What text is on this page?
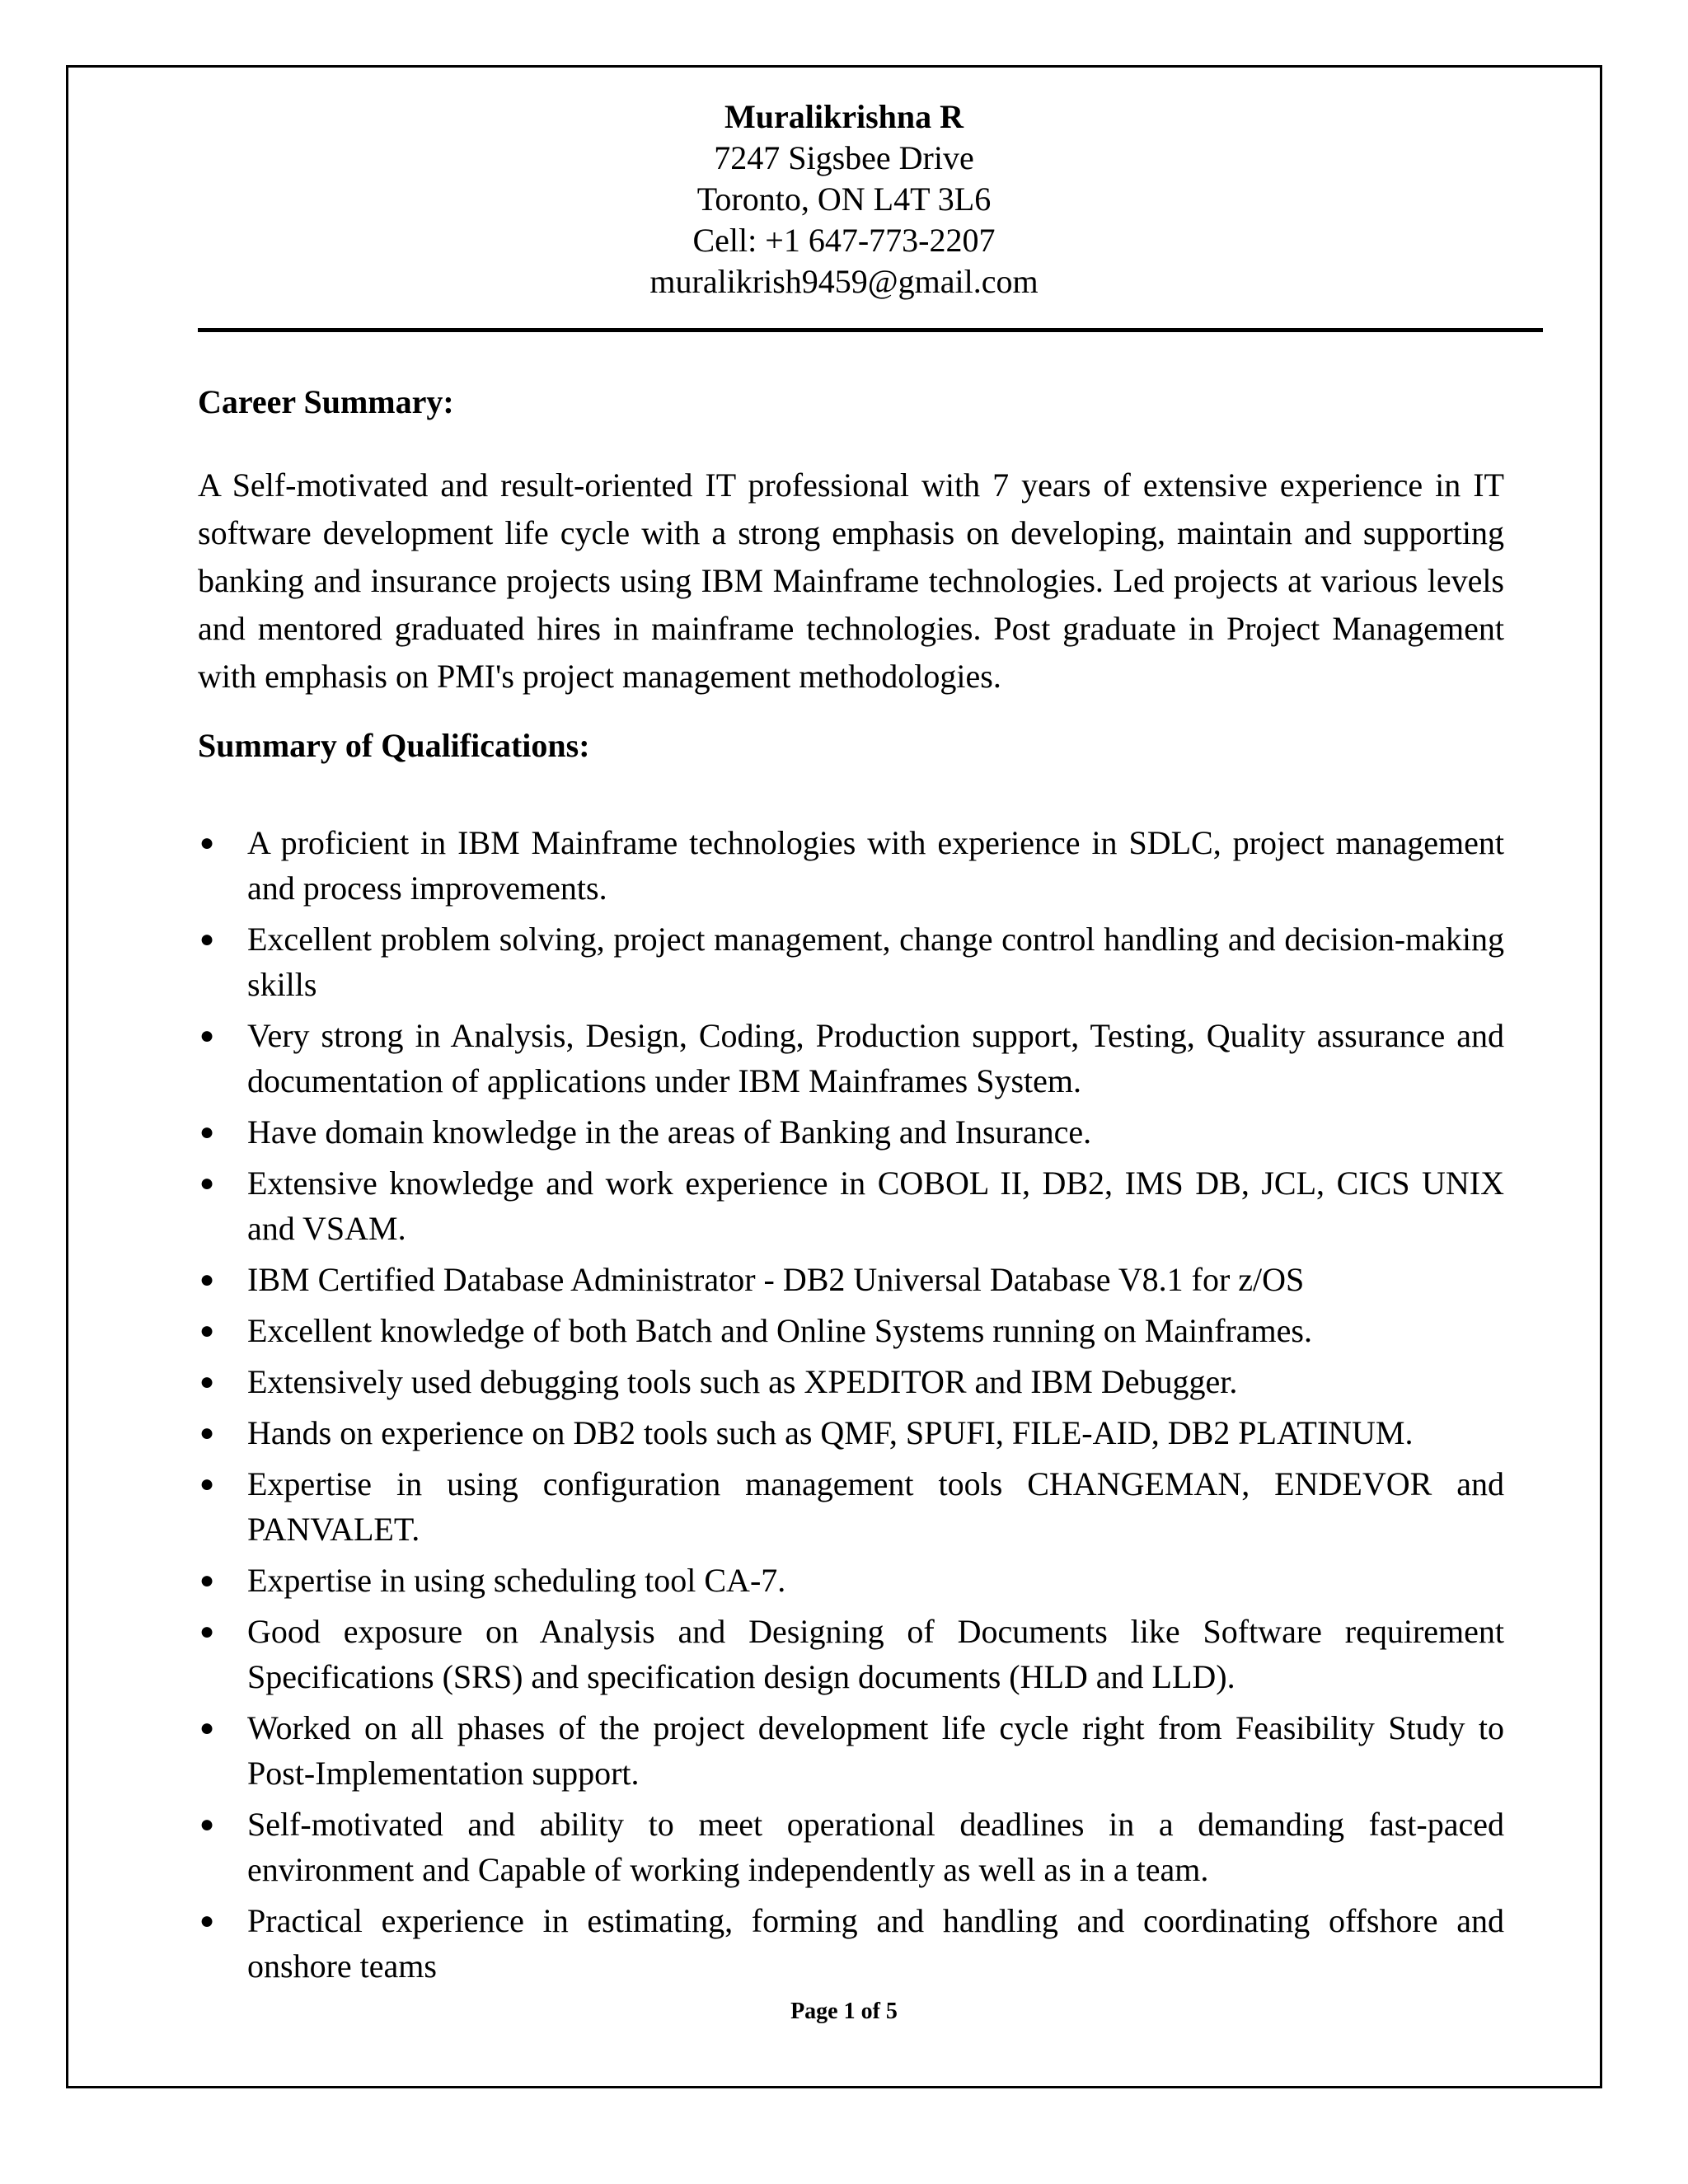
Muralikrishna R
7247 Sigsbee Drive
Toronto, ON L4T 3L6
Cell: +1 647-773-2207
muralikrish9459@gmail.com
Career Summary:
A Self-motivated and result-oriented IT professional with 7 years of extensive experience in IT software development life cycle with a strong emphasis on developing, maintain and supporting banking and insurance projects using IBM Mainframe technologies. Led projects at various levels and mentored graduated hires in mainframe technologies. Post graduate in Project Management with emphasis on PMI's project management methodologies.
Summary of Qualifications:
● A proficient in IBM Mainframe technologies with experience in SDLC, project management and process improvements.
● Excellent problem solving, project management, change control handling and decision-making skills
● Very strong in Analysis, Design, Coding, Production support, Testing, Quality assurance and documentation of applications under IBM Mainframes System.
● Have domain knowledge in the areas of Banking and Insurance.
● Extensive knowledge and work experience in COBOL II, DB2, IMS DB, JCL, CICS UNIX and VSAM.
● IBM Certified Database Administrator - DB2 Universal Database V8.1 for z/OS
● Excellent knowledge of both Batch and Online Systems running on Mainframes.
● Extensively used debugging tools such as XPEDITOR and IBM Debugger.
● Hands on experience on DB2 tools such as QMF, SPUFI, FILE-AID, DB2 PLATINUM.
● Expertise in using configuration management tools CHANGEMAN, ENDEVOR and PANVALET.
● Expertise in using scheduling tool CA-7.
● Good exposure on Analysis and Designing of Documents like Software requirement Specifications (SRS) and specification design documents (HLD and LLD).
● Worked on all phases of the project development life cycle right from Feasibility Study to Post-Implementation support.
● Self-motivated and ability to meet operational deadlines in a demanding fast-paced environment and Capable of working independently as well as in a team.
● Practical experience in estimating, forming and handling and coordinating offshore and onshore teams
Page 1 of 5
